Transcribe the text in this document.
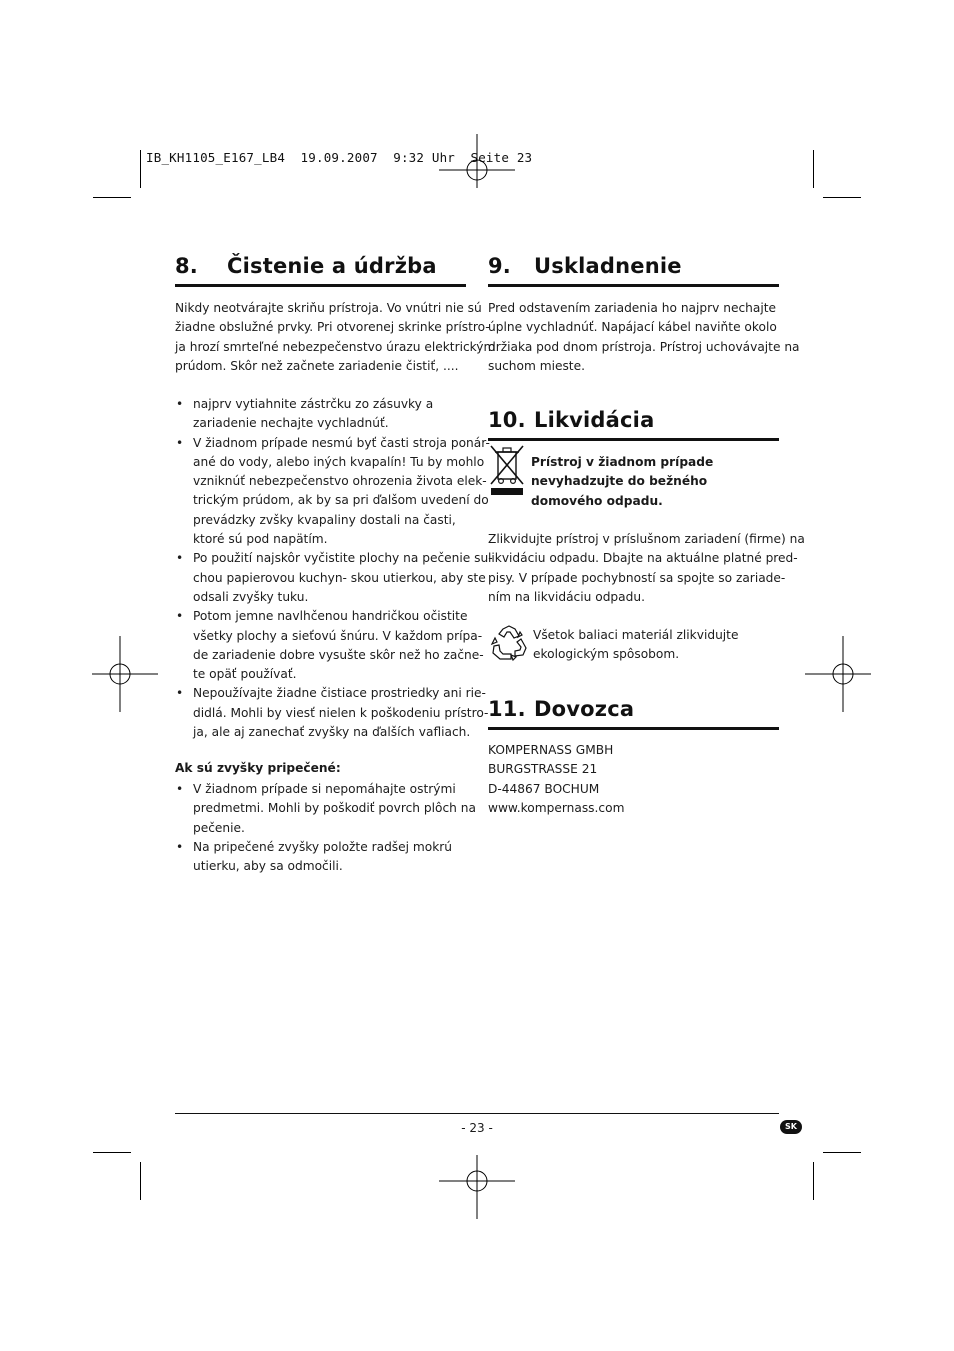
IB_KH1105_E167_LB4  19.09.2007  9:32 Uhr  Seite 23
8. Čistenie a údržba

Nikdy neotvárajte skriňu prístroja. Vo vnútri nie sú
žiadne obslužné prvky. Pri otvorenej skrinke prístro-
ja hrozí smrteľné nebezpečenstvo úrazu elektrickým
prúdom. Skôr než začnete zariadenie čistiť, ....

• najprv vytiahnite zástrčku zo zásuvky a
zariadenie nechajte vychladnúť.
• V žiadnom prípade nesmú byť časti stroja ponár-
ané do vody, alebo iných kvapalín! Tu by mohlo
vzniknúť nebezpečenstvo ohrozenia života elek-
trickým prúdom, ak by sa pri ďalšom uvedení do
prevádzky zvšky kvapaliny dostali na časti,
ktoré sú pod napätím.
• Po použití najskôr vyčistite plochy na pečenie su-
chou papierovou kuchyn- skou utierkou, aby ste
odsali zvyšky tuku.
• Potom jemne navlhčenou handričkou očistite
všetky plochy a sieťovú šnúru. V každom prípa-
de zariadenie dobre vysušte skôr než ho začne-
te opäť používať.
• Nepoužívajte žiadne čistiace prostriedky ani rie-
didlá. Mohli by viesť nielen k poškodeniu prístro-
ja, ale aj zanechať zvyšky na ďalších vafliach.
Ak sú zvyšky pripečené:
• V žiadnom prípade si nepomáhajte ostrými
predmetmi. Mohli by poškodiť povrch plôch na
pečenie.
• Na pripečené zvyšky položte radšej mokrú
utierku, aby sa odmočili.
9. Uskladnenie

Pred odstavením zariadenia ho najprv nechajte
úplne vychladnúť. Napájací kábel naviňte okolo
držiaka pod dnom prístroja. Prístroj uchovávajte na
suchom mieste.

10. Likvidácia
Prístroj v žiadnom prípade
nevyhadzujte do bežného
domového odpadu.

Zlikvidujte prístroj v príslušnom zariadení (firme) na
likvidáciu odpadu. Dbajte na aktuálne platné pred-
pisy. V prípade pochybností sa spojte so zariade-
ním na likvidáciu odpadu.

Všetok baliaci materiál zlikvidujte
ekologickým spôsobom.

11. Dovozca

KOMPERNASS GMBH
BURGSTRASSE 21
D-44867 BOCHUM
www.kompernass.com

- 23 -	SK
